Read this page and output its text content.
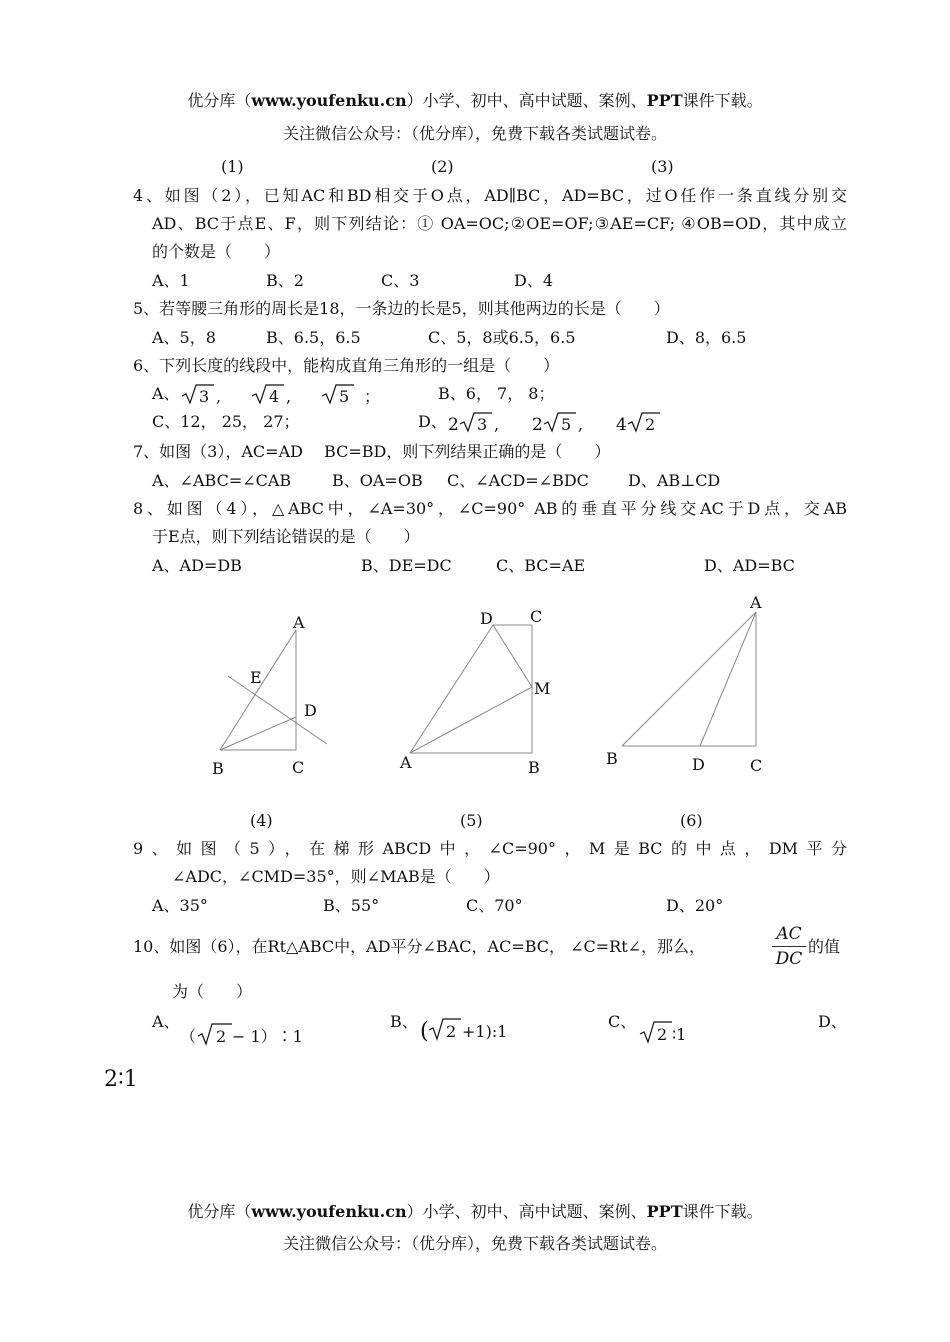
优分库（www.youfenku.cn）小学、初中、高中试题、案例、PPT课件下载。
关注微信公众号：（优分库），免费下载各类试题试卷。
(1)	(2)	(3)
4、如图（2），已知AC和BD相交于O点，AD∥BC，AD=BC，过O任作一条直线分别交
AD、BC于点E、F，则下列结论：① OA=OC;②OE=OF;③AE=CF; ④OB=OD，其中成立
的个数是（　　）
A、1	B、2	C、3	D、4
5、若等腰三角形的周长是18，一条边的长是5，则其他两边的长是（　　）
A、5，8	B、6.5，6.5	C、5，8或6.5，6.5	D、8，6.5
6、下列长度的线段中，能构成直角三角形的一组是（　　）
A、 3 ,	4 ,	5 ；	B、6， 7， 8；
C、12， 25， 27；	D、 2 3 , 2 5 , 4 2
7、如图（3），AC=AD　 BC=BD，则下列结果正确的是（　　）
A、∠ABC=∠CAB	B、OA=OB C、∠ACD=∠BDC D、AB⊥CD
8、如图（4），△ABC中，∠A=30°，∠C=90° AB的垂直平分线交AC于D点，交AB
于E点，则下列结论错误的是（　　）
A、AD=DB	B、DE=DC	C、BC=AE	D、AD=BC
A
E
D
B	C
D C
M
A	B
A
B	D	C
(4)	(5)	(6)
9、如图（5），在梯形ABCD中，∠C=90°，M是BC的中点，DM平分
∠ADC，∠CMD=35°，则∠MAB是（　　）
A、35°	B、55°	C、70°	D、20°
10、如图（6），在Rt△ABC中，AD平分∠BAC，AC=BC， ∠C=Rt∠，那么，
AC
DC
的值
为（　　）
A、
（ 2 − 1）∶1
B、 ( 2 +1):1
C、
2 ∶1
D、
2∶1
优分库（www.youfenku.cn）小学、初中、高中试题、案例、PPT课件下载。
关注微信公众号：（优分库），免费下载各类试题试卷。
